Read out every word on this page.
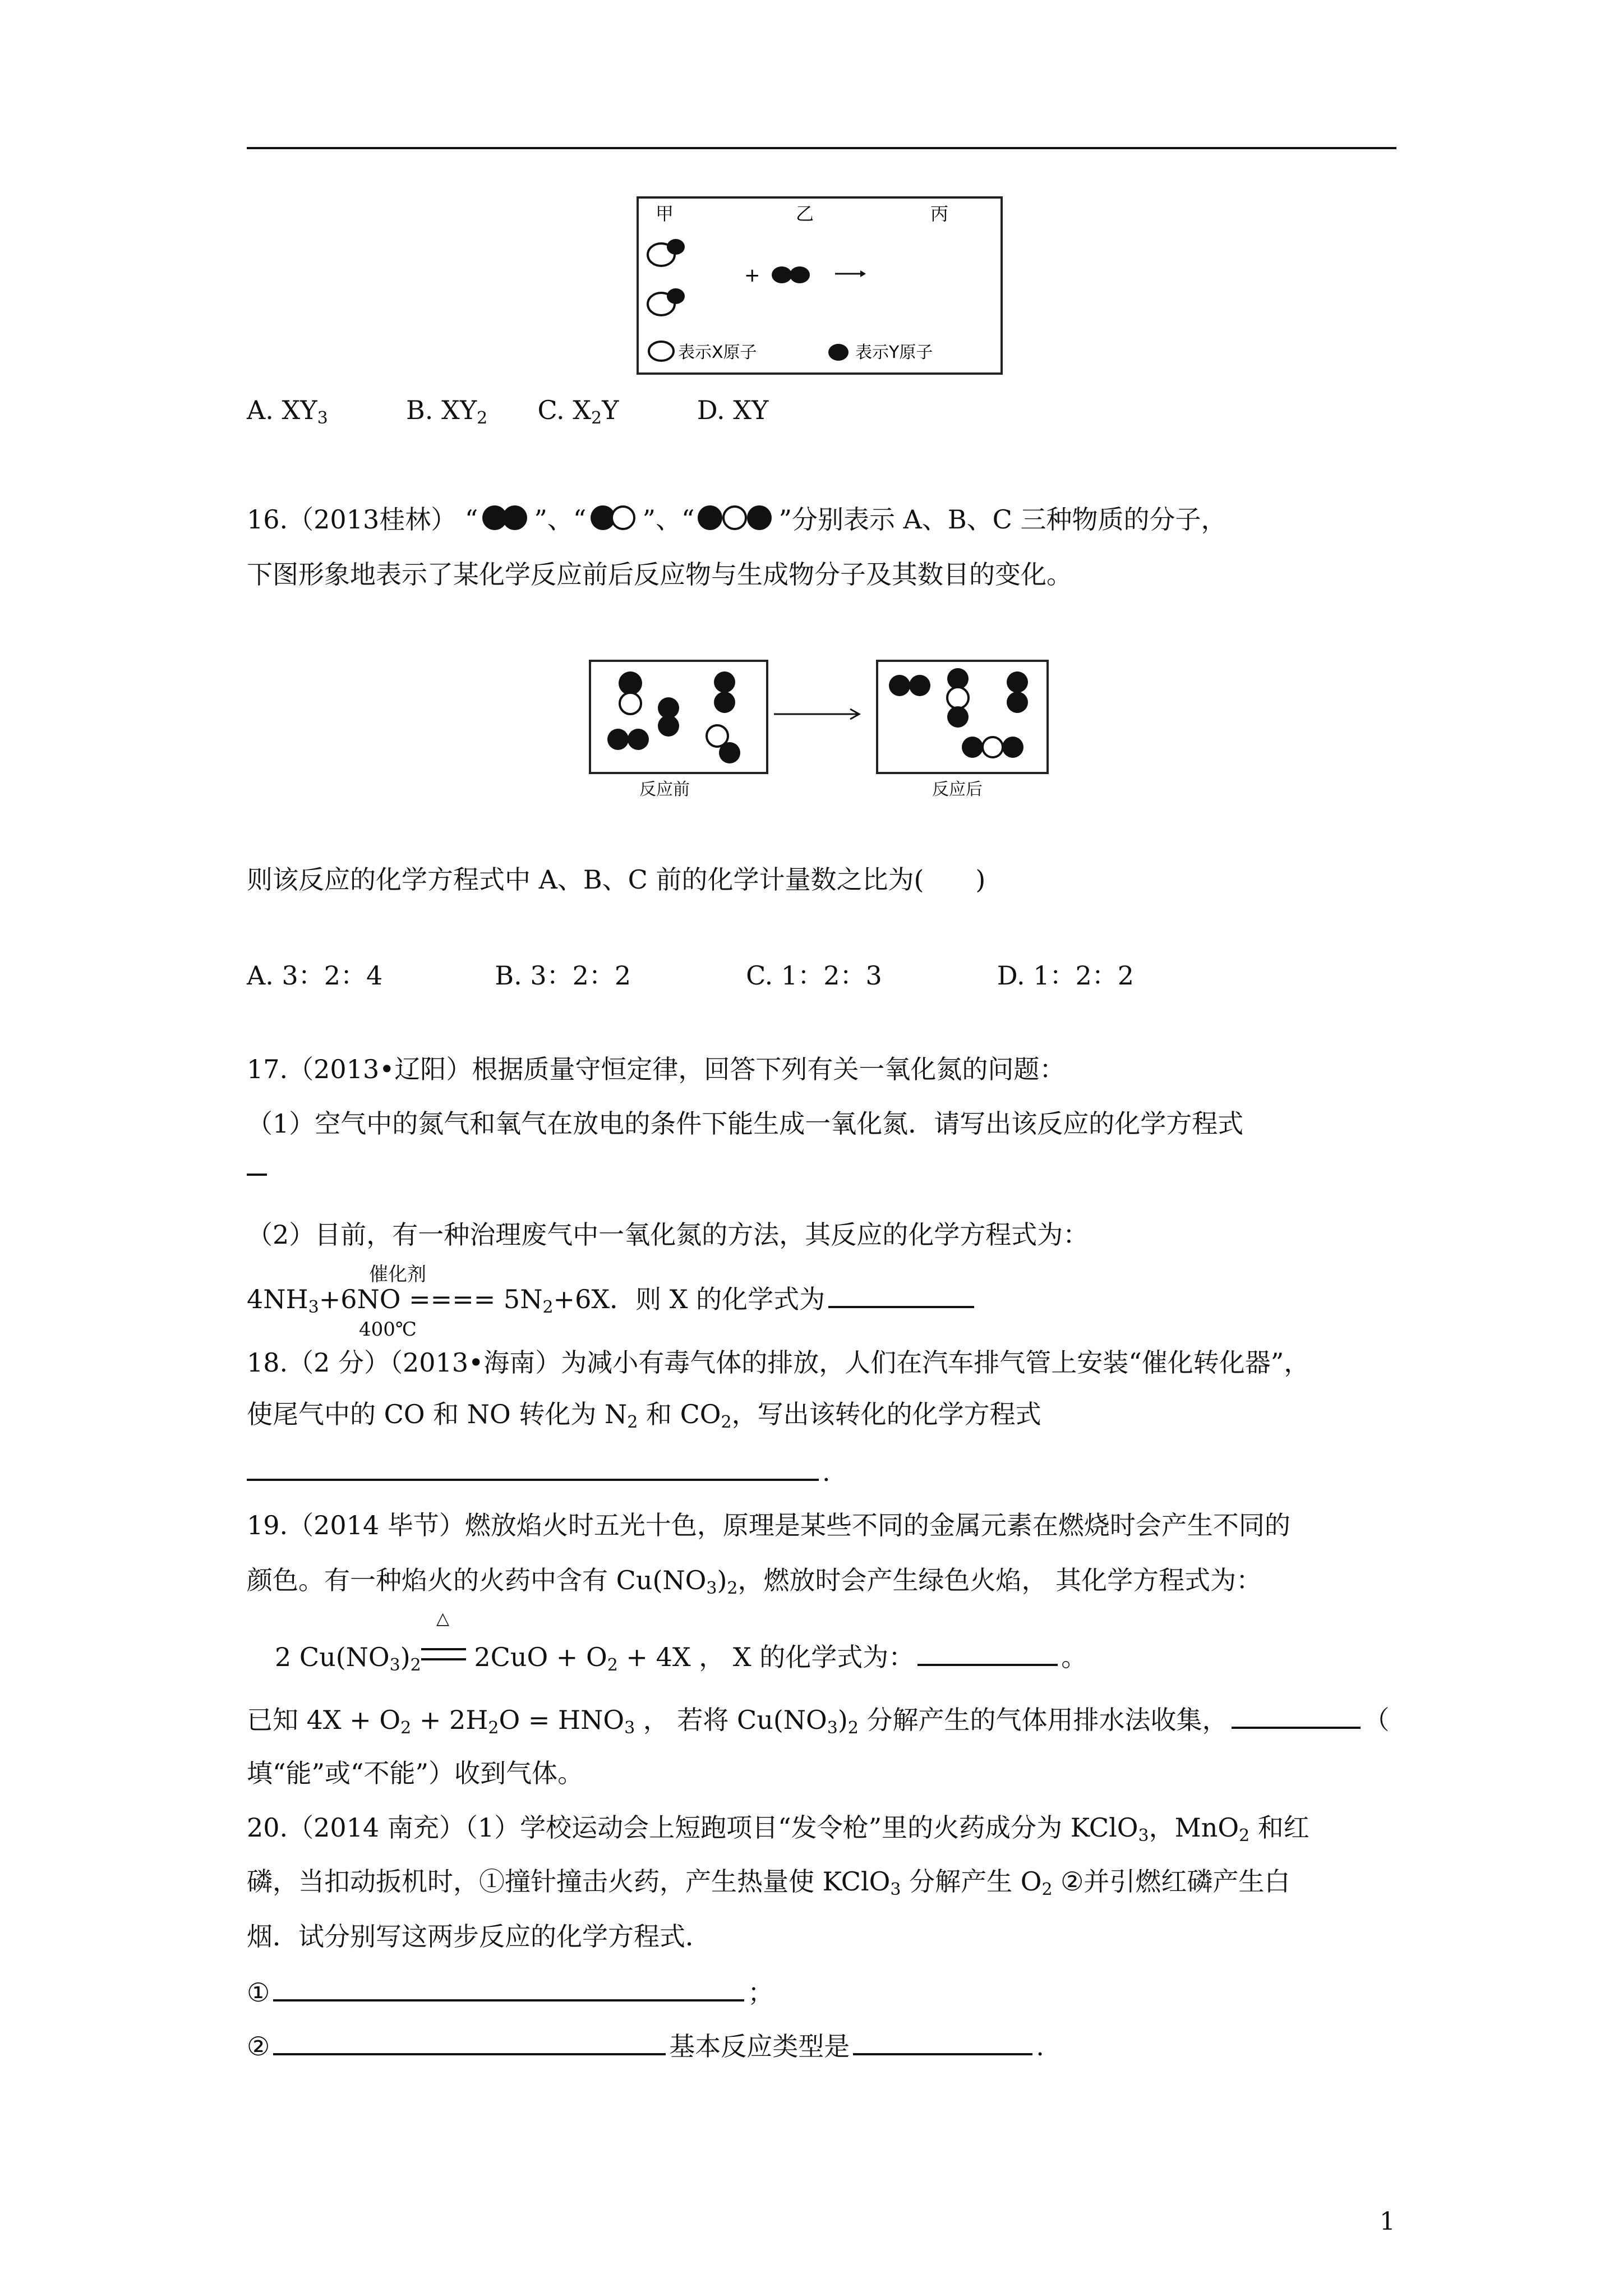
甲	乙	丙
+
表示X原子	表示Y原子
A. $XY_3$	B. $XY_2$ C. $X_2Y$	D. XY
16.（2013桂林） “ ”、“ ”、“	”分别表示 A、B、C 三种物质的分子，
下图形象地表示了某化学反应前后反应物与生成物分子及其数目的变化。
反应前	反应后
则该反应的化学方程式中 A、B、C 前的化学计量数之比为(　　)
A. 3：2：4	B. 3：2：2	C. 1：2：3	D. 1：2：2
17.（2013•辽阳）根据质量守恒定律，回答下列有关一氧化氮的问题：
（1）空气中的氮气和氧气在放电的条件下能生成一氧化氮．请写出该反应的化学方程式
（2）目前，有一种治理废气中一氧化氮的方法，其反应的化学方程式为：
催化剂
$4NH_3+6NO$ ==== $5N_2+6X$．则 X 的化学式为
400℃
18.（2 分）（2013•海南）为减小有毒气体的排放，人们在汽车排气管上安装“催化转化器”，
使尾气中的 CO 和 NO 转化为 $N_2$ 和 $CO_2$，写出该转化的化学方程式
.
19.（2014 毕节）燃放焰火时五光十色，原理是某些不同的金属元素在燃烧时会产生不同的
颜色。有一种焰火的火药中含有 $Cu(NO_3)_2$，燃放时会产生绿色火焰， 其化学方程式为：
△
2 $Cu(NO_3)_2$ $2CuO + O_2 + 4X$ ， X 的化学式为：	。
已知 $4X + O_2 + 2H_2O = HNO_3$ ， 若将 $Cu(NO_3)_2$ 分解产生的气体用排水法收集，	（
填“能”或“不能”）收到气体。
20.（2014 南充）（1）学校运动会上短跑项目“发令枪”里的火药成分为 KClO$_3$，MnO$_2$ 和红
磷，当扣动扳机时，①撞针撞击火药，产生热量使 KClO$_3$ 分解产生 $O_2$ ②并引燃红磷产生白
烟．试分别写这两步反应的化学方程式．
①	；
②	基本反应类型是	.
1
